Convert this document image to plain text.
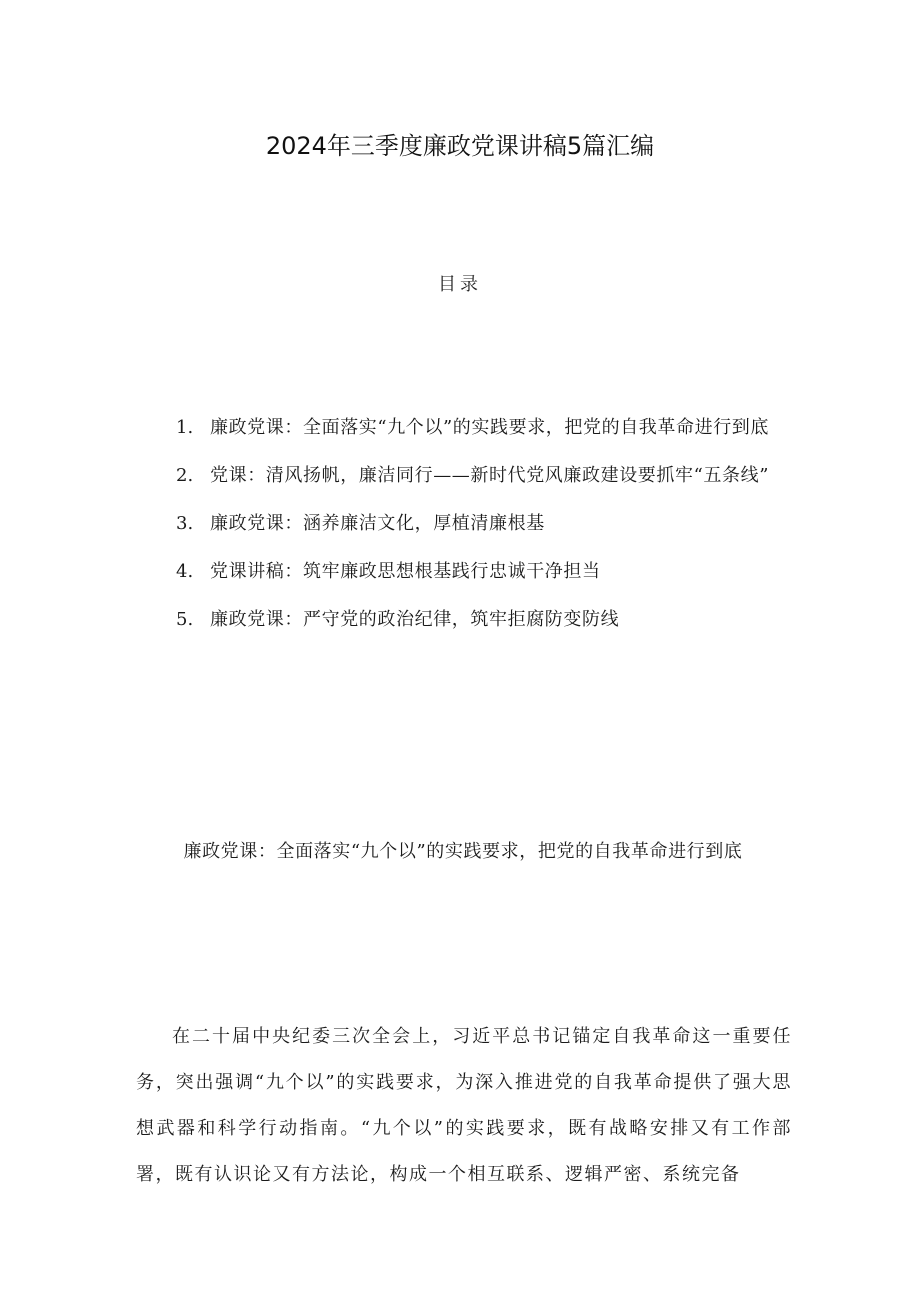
2024年三季度廉政党课讲稿5篇汇编
目录
1. 廉政党课：全面落实“九个以”的实践要求，把党的自我革命进行到底
2. 党课：清风扬帆，廉洁同行——新时代党风廉政建设要抓牢“五条线”
3. 廉政党课：涵养廉洁文化，厚植清廉根基
4. 党课讲稿：筑牢廉政思想根基践行忠诚干净担当
5. 廉政党课：严守党的政治纪律，筑牢拒腐防变防线
廉政党课：全面落实“九个以”的实践要求，把党的自我革命进行到底

在二十届中央纪委三次全会上，习近平总书记锚定自我革命这一重要任务，突出强调“九个以”的实践要求，为深入推进党的自我革命提供了强大思想武器和科学行动指南。“九个以”的实践要求，既有战略安排又有工作部署，既有认识论又有方法论，构成一个相互联系、逻辑严密、系统完备
